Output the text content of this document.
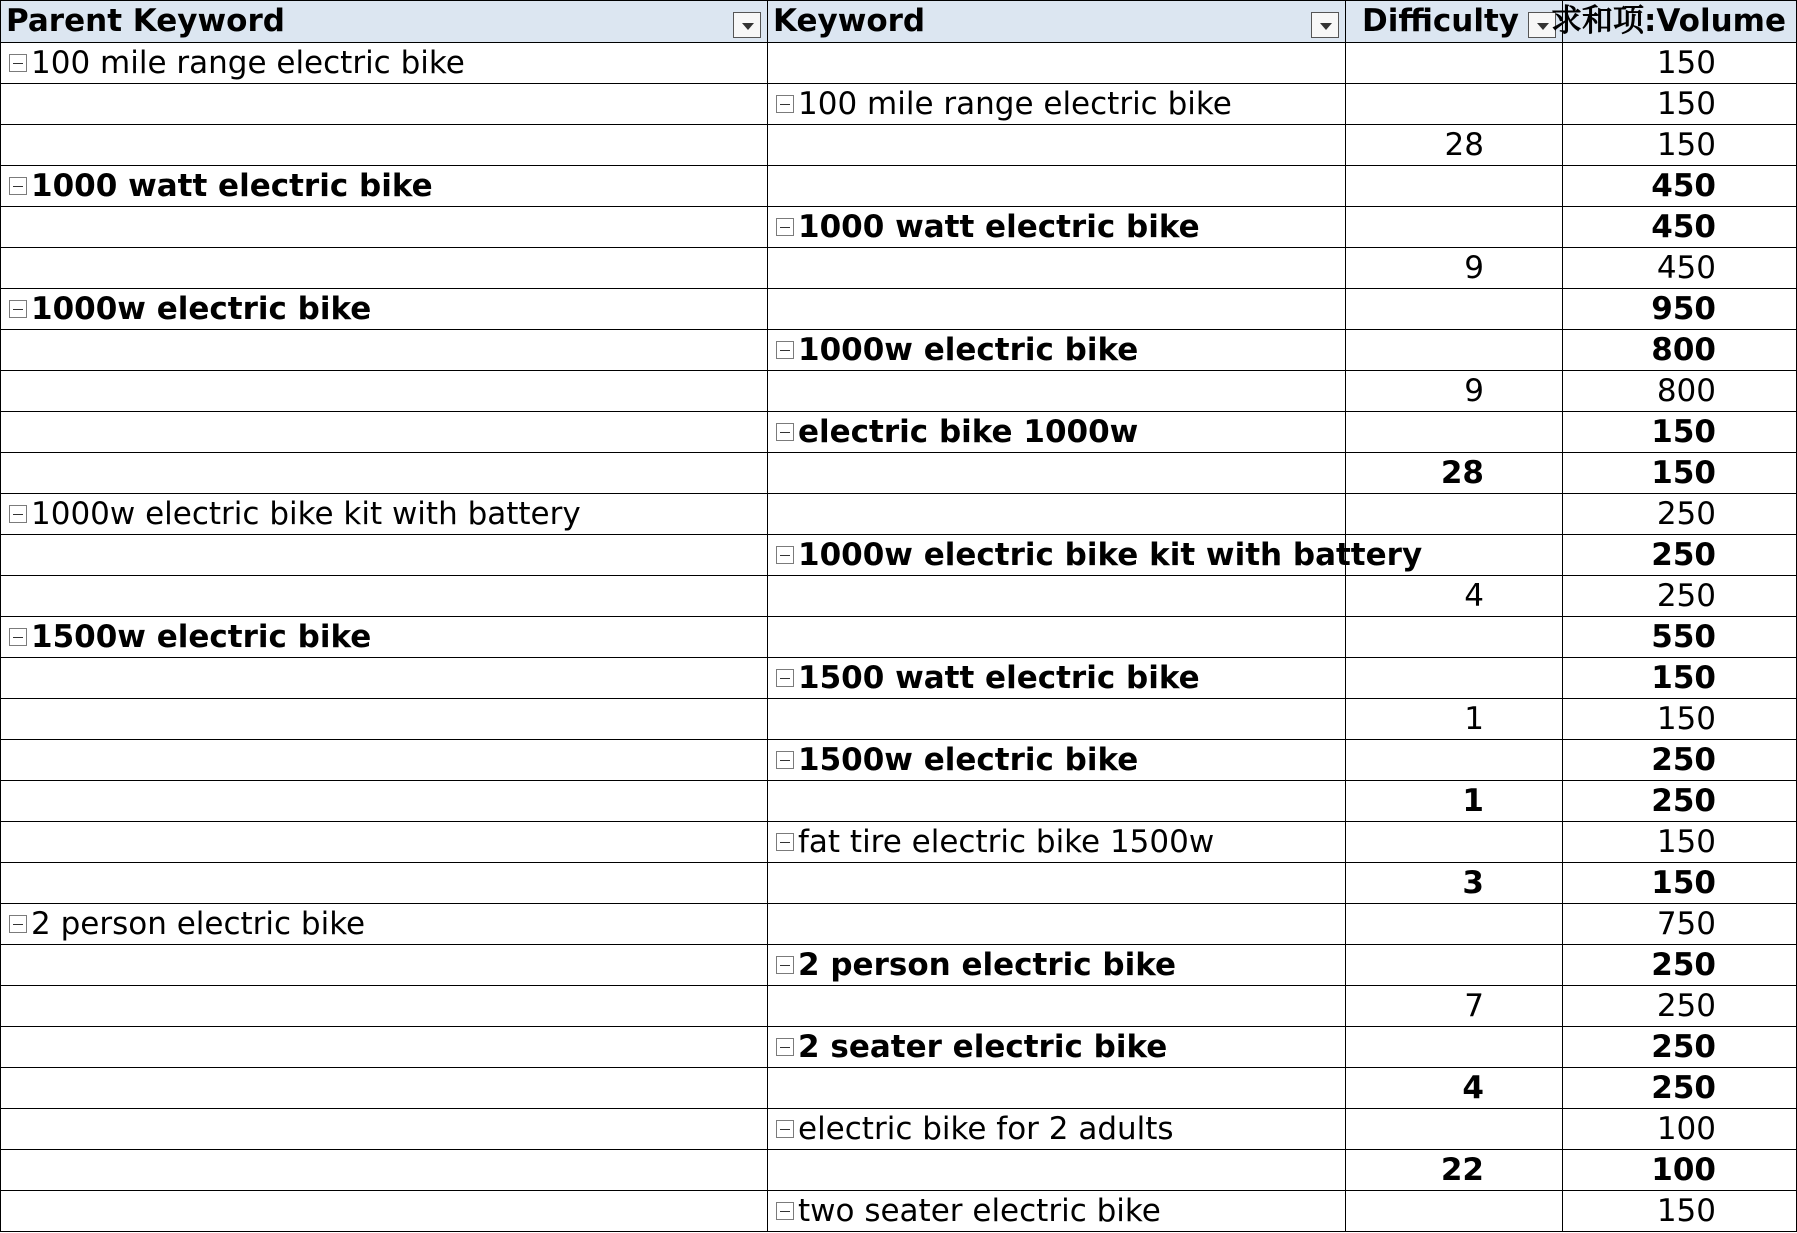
Parent Keyword	Keyword	Difficulty	求和项:Volume

100 mile range electric bike			150

	100 mile range electric bike		150
		28	150

1000 watt electric bike			450

	1000 watt electric bike		450
		9	450

1000w electric bike			950

	1000w electric bike		800
		9	800

	electric bike 1000w		150
		28	150

1000w electric bike kit with battery			250

	1000w electric bike kit with battery		250
		4	250

1500w electric bike			550

	1500 watt electric bike		150
		1	150

	1500w electric bike		250
		1	250

	fat tire electric bike 1500w		150
		3	150

2 person electric bike			750

	2 person electric bike		250
		7	250

	2 seater electric bike		250
		4	250

	electric bike for 2 adults		100
		22	100

	two seater electric bike		150
